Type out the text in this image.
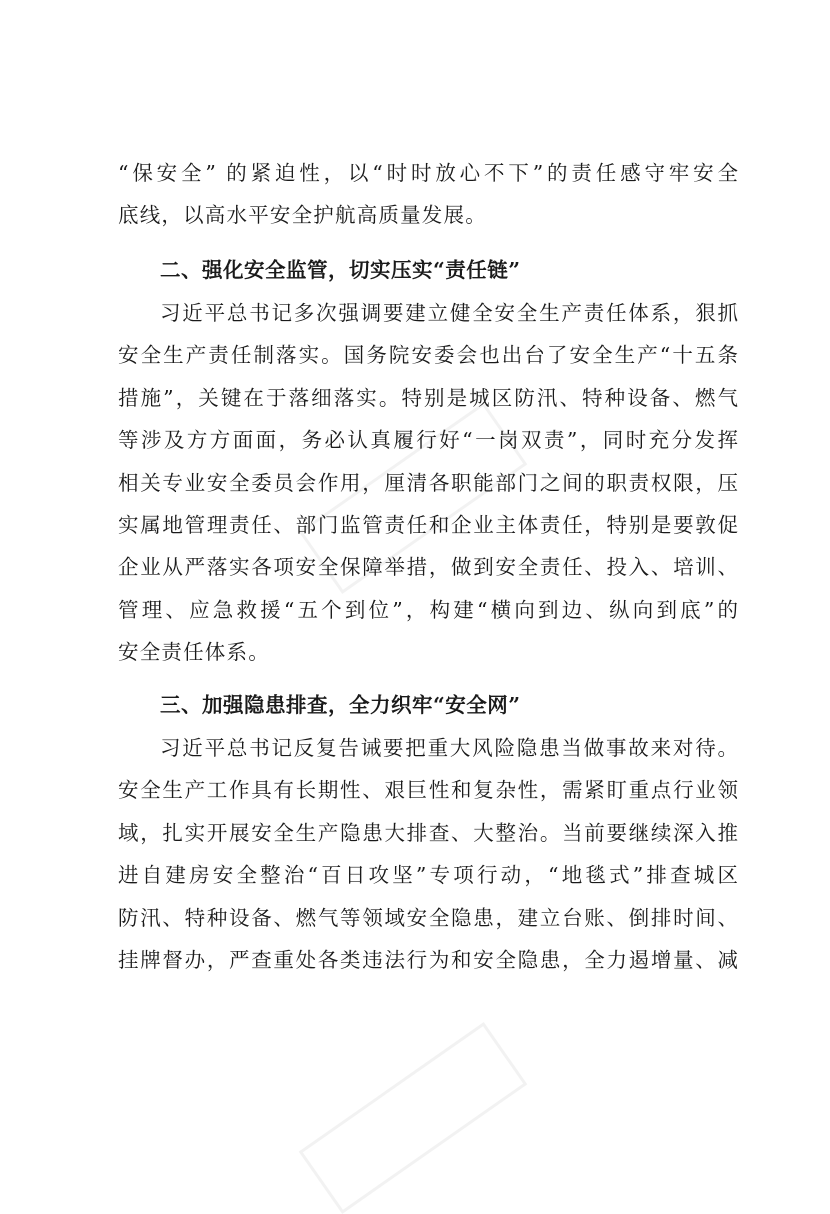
“保安全” 的紧迫性，以“时时放心不下”的责任感守牢安全
底线，以高水平安全护航高质量发展。
二、强化安全监管，切实压实“责任链”
习近平总书记多次强调要建立健全安全生产责任体系，狠抓
安全生产责任制落实。国务院安委会也出台了安全生产“十五条
措施”，关键在于落细落实。特别是城区防汛、特种设备、燃气
等涉及方方面面，务必认真履行好“一岗双责”，同时充分发挥
相关专业安全委员会作用，厘清各职能部门之间的职责权限，压
实属地管理责任、部门监管责任和企业主体责任，特别是要敦促
企业从严落实各项安全保障举措，做到安全责任、投入、培训、
管理、应急救援“五个到位”，构建“横向到边、纵向到底”的
安全责任体系。
三、加强隐患排查，全力织牢“安全网”
习近平总书记反复告诫要把重大风险隐患当做事故来对待。
安全生产工作具有长期性、艰巨性和复杂性，需紧盯重点行业领
域，扎实开展安全生产隐患大排查、大整治。当前要继续深入推
进自建房安全整治“百日攻坚”专项行动，“地毯式”排查城区
防汛、特种设备、燃气等领域安全隐患，建立台账、倒排时间、
挂牌督办，严查重处各类违法行为和安全隐患，全力遏增量、减
